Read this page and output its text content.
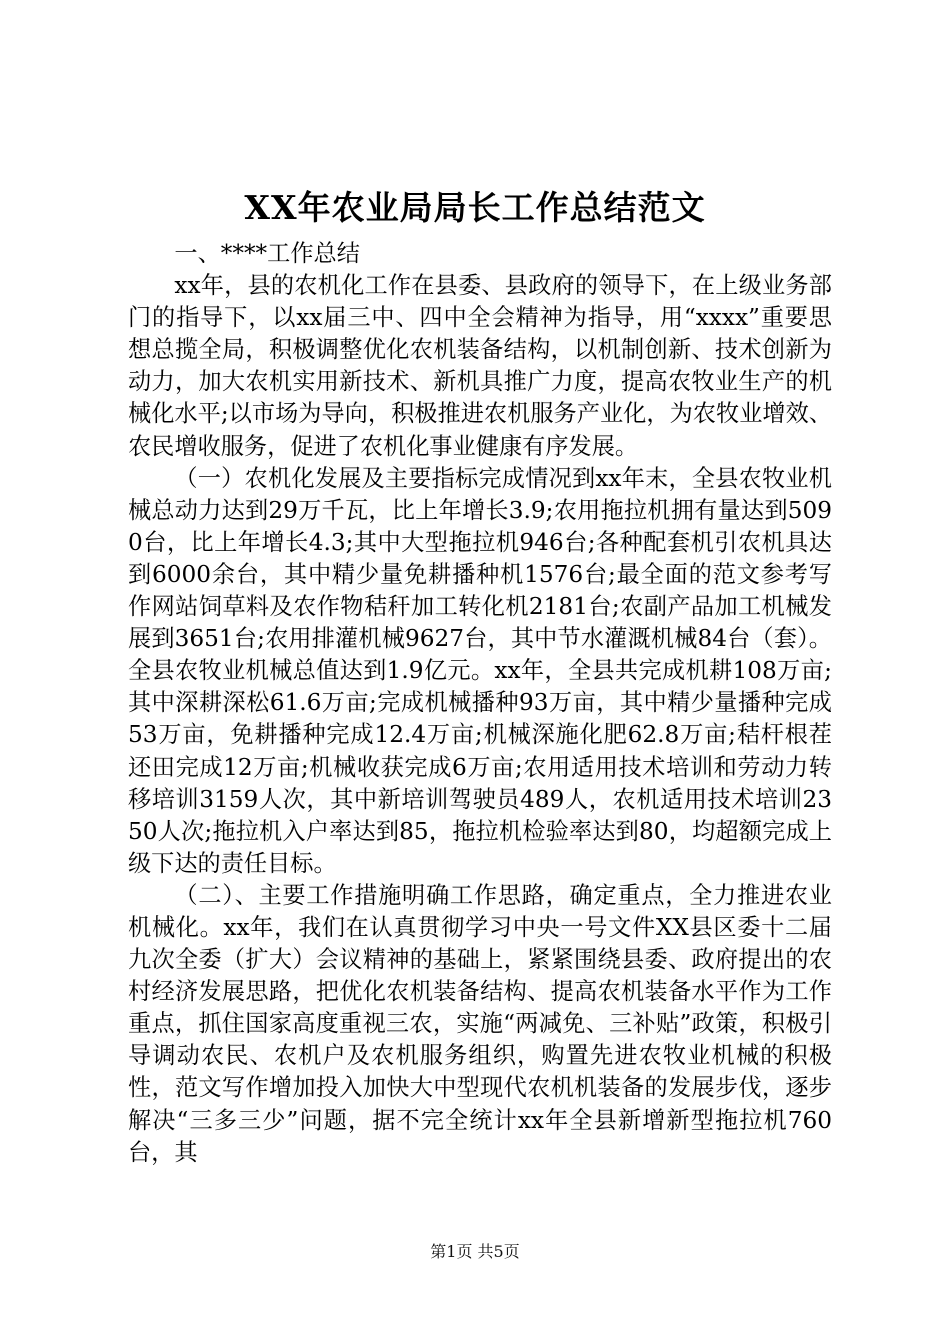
XX年农业局局长工作总结范文

一、****工作总结

xx年，县的农机化工作在县委、县政府的领导下，在上级业务部门的指导下，以xx届三中、四中全会精神为指导，用“xxxx”重要思想总揽全局，积极调整优化农机装备结构，以机制创新、技术创新为动力，加大农机实用新技术、新机具推广力度，提高农牧业生产的机械化水平;以市场为导向，积极推进农机服务产业化，为农牧业增效、农民增收服务，促进了农机化事业健康有序发展。

（一）农机化发展及主要指标完成情况到xx年末，全县农牧业机械总动力达到29万千瓦，比上年增长3.9;农用拖拉机拥有量达到5090台，比上年增长4.3;其中大型拖拉机946台;各种配套机引农机具达到6000余台，其中精少量免耕播种机1576台;最全面的范文参考写作网站饲草料及农作物秸秆加工转化机2181台;农副产品加工机械发展到3651台;农用排灌机械9627台，其中节水灌溉机械84台（套）。全县农牧业机械总值达到1.9亿元。xx年，全县共完成机耕108万亩;其中深耕深松61.6万亩;完成机械播种93万亩，其中精少量播种完成53万亩，免耕播种完成12.4万亩;机械深施化肥62.8万亩;秸杆根茬还田完成12万亩;机械收获完成6万亩;农用适用技术培训和劳动力转移培训3159人次，其中新培训驾驶员489人，农机适用技术培训2350人次;拖拉机入户率达到85，拖拉机检验率达到80，均超额完成上级下达的责任目标。

（二）、主要工作措施明确工作思路，确定重点，全力推进农业机械化。xx年，我们在认真贯彻学习中央一号文件XX县区委十二届九次全委（扩大）会议精神的基础上，紧紧围绕县委、政府提出的农村经济发展思路，把优化农机装备结构、提高农机装备水平作为工作重点，抓住国家高度重视三农，实施“两减免、三补贴”政策，积极引导调动农民、农机户及农机服务组织，购置先进农牧业机械的积极性，范文写作增加投入加快大中型现代农机机装备的发展步伐，逐步解决“三多三少”问题，据不完全统计xx年全县新增新型拖拉机760台，其

第1页 共5页
